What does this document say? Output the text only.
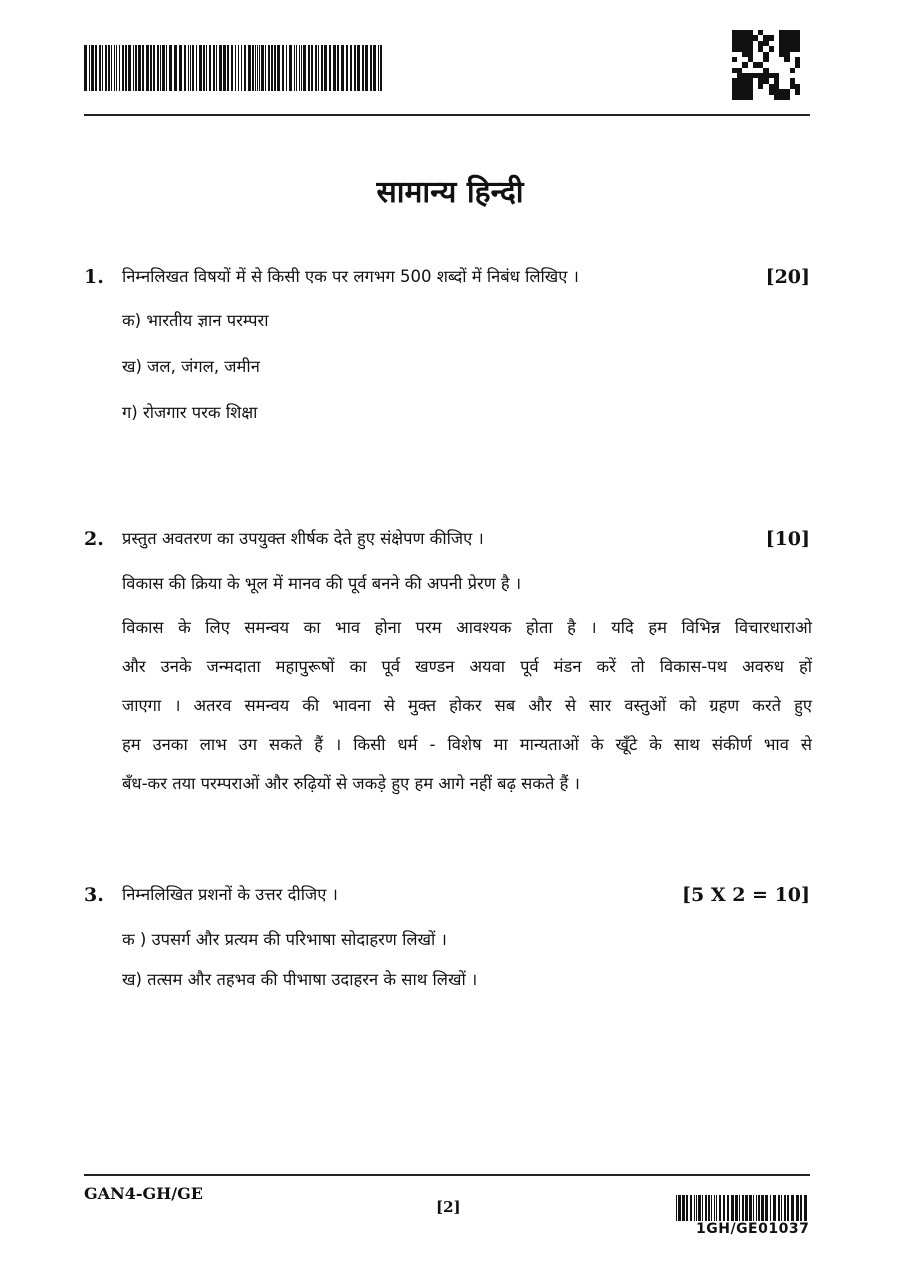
सामान्य हिन्दी
1. निम्नलिखत विषयों में से किसी एक पर लगभग 500 शब्दों में निबंध लिखिए ।	[20]
क) भारतीय ज्ञान परम्परा
ख) जल, जंगल, जमीन
ग) रोजगार परक शिक्षा
2. प्रस्तुत अवतरण का उपयुक्त शीर्षक देते हुए संक्षेपण कीजिए ।	[10]
विकास की क्रिया के भूल में मानव की पूर्व बनने की अपनी प्रेरण है ।
विकास के लिए समन्वय का भाव होना परम आवश्यक होता है । यदि हम विभिन्न विचारधाराओ
और उनके जन्मदाता महापुरूषों का पूर्व खण्डन अयवा पूर्व मंडन करें तो विकास-पथ अवरुध हों
जाएगा । अतरव समन्वय की भावना से मुक्त होकर सब और से सार वस्तुओं को ग्रहण करते हुए
हम उनका लाभ उग सकते हैं । किसी धर्म - विशेष मा मान्यताओं के खूँटे के साथ संकीर्ण भाव से
बँध-कर तया परम्पराओं और रुढ़ियों से जकड़े हुए हम आगे नहीं बढ़ सकते हैं ।
3. निम्नलिखित प्रशनों के उत्तर दीजिए ।	[5 X 2 = 10]
क ) उपसर्ग और प्रत्यम की परिभाषा सोदाहरण लिखों ।
ख) तत्सम और तहभव की पीभाषा उदाहरन के साथ लिखों ।
GAN4-GH/GE
[2]
1GH/GE01037
